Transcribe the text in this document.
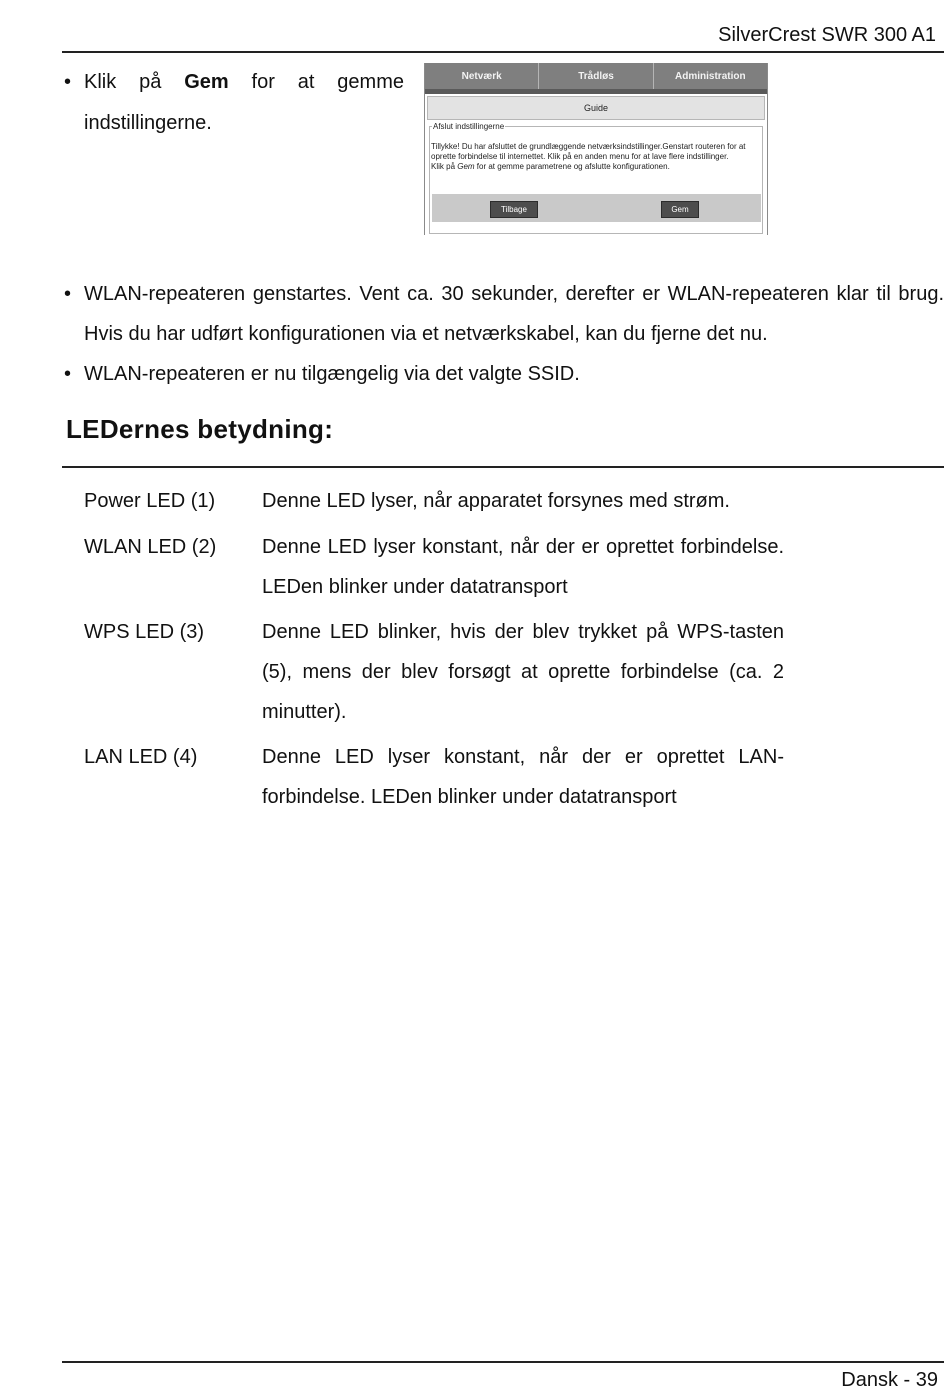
SilverCrest SWR 300 A1
• Klik på Gem for at gemme indstillingerne.
Netværk	Trådløs	Administration
Guide
Afslut indstillingerne
Tillykke! Du har afsluttet de grundlæggende netværksindstillinger.Genstart routeren for at oprette forbindelse til internettet. Klik på en anden menu for at lave flere indstillinger.
Klik på Gem for at gemme parametrene og afslutte konfigurationen.
Tilbage	Gem
• WLAN-repeateren genstartes. Vent ca. 30 sekunder, derefter er WLAN-repeateren klar til brug.
Hvis du har udført konfigurationen via et netværkskabel, kan du fjerne det nu.
• WLAN-repeateren er nu tilgængelig via det valgte SSID.
LEDernes betydning:
Power LED (1)	Denne LED lyser, når apparatet forsynes med strøm.
WLAN LED (2)	Denne LED lyser konstant, når der er oprettet forbindelse. LEDen blinker under datatransport
WPS LED (3)	Denne LED blinker, hvis der blev trykket på WPS-tasten (5), mens der blev forsøgt at oprette forbindelse (ca. 2 minutter).
LAN LED (4)	Denne LED lyser konstant, når der er oprettet LAN-forbindelse. LEDen blinker under datatransport
Dansk - 39
